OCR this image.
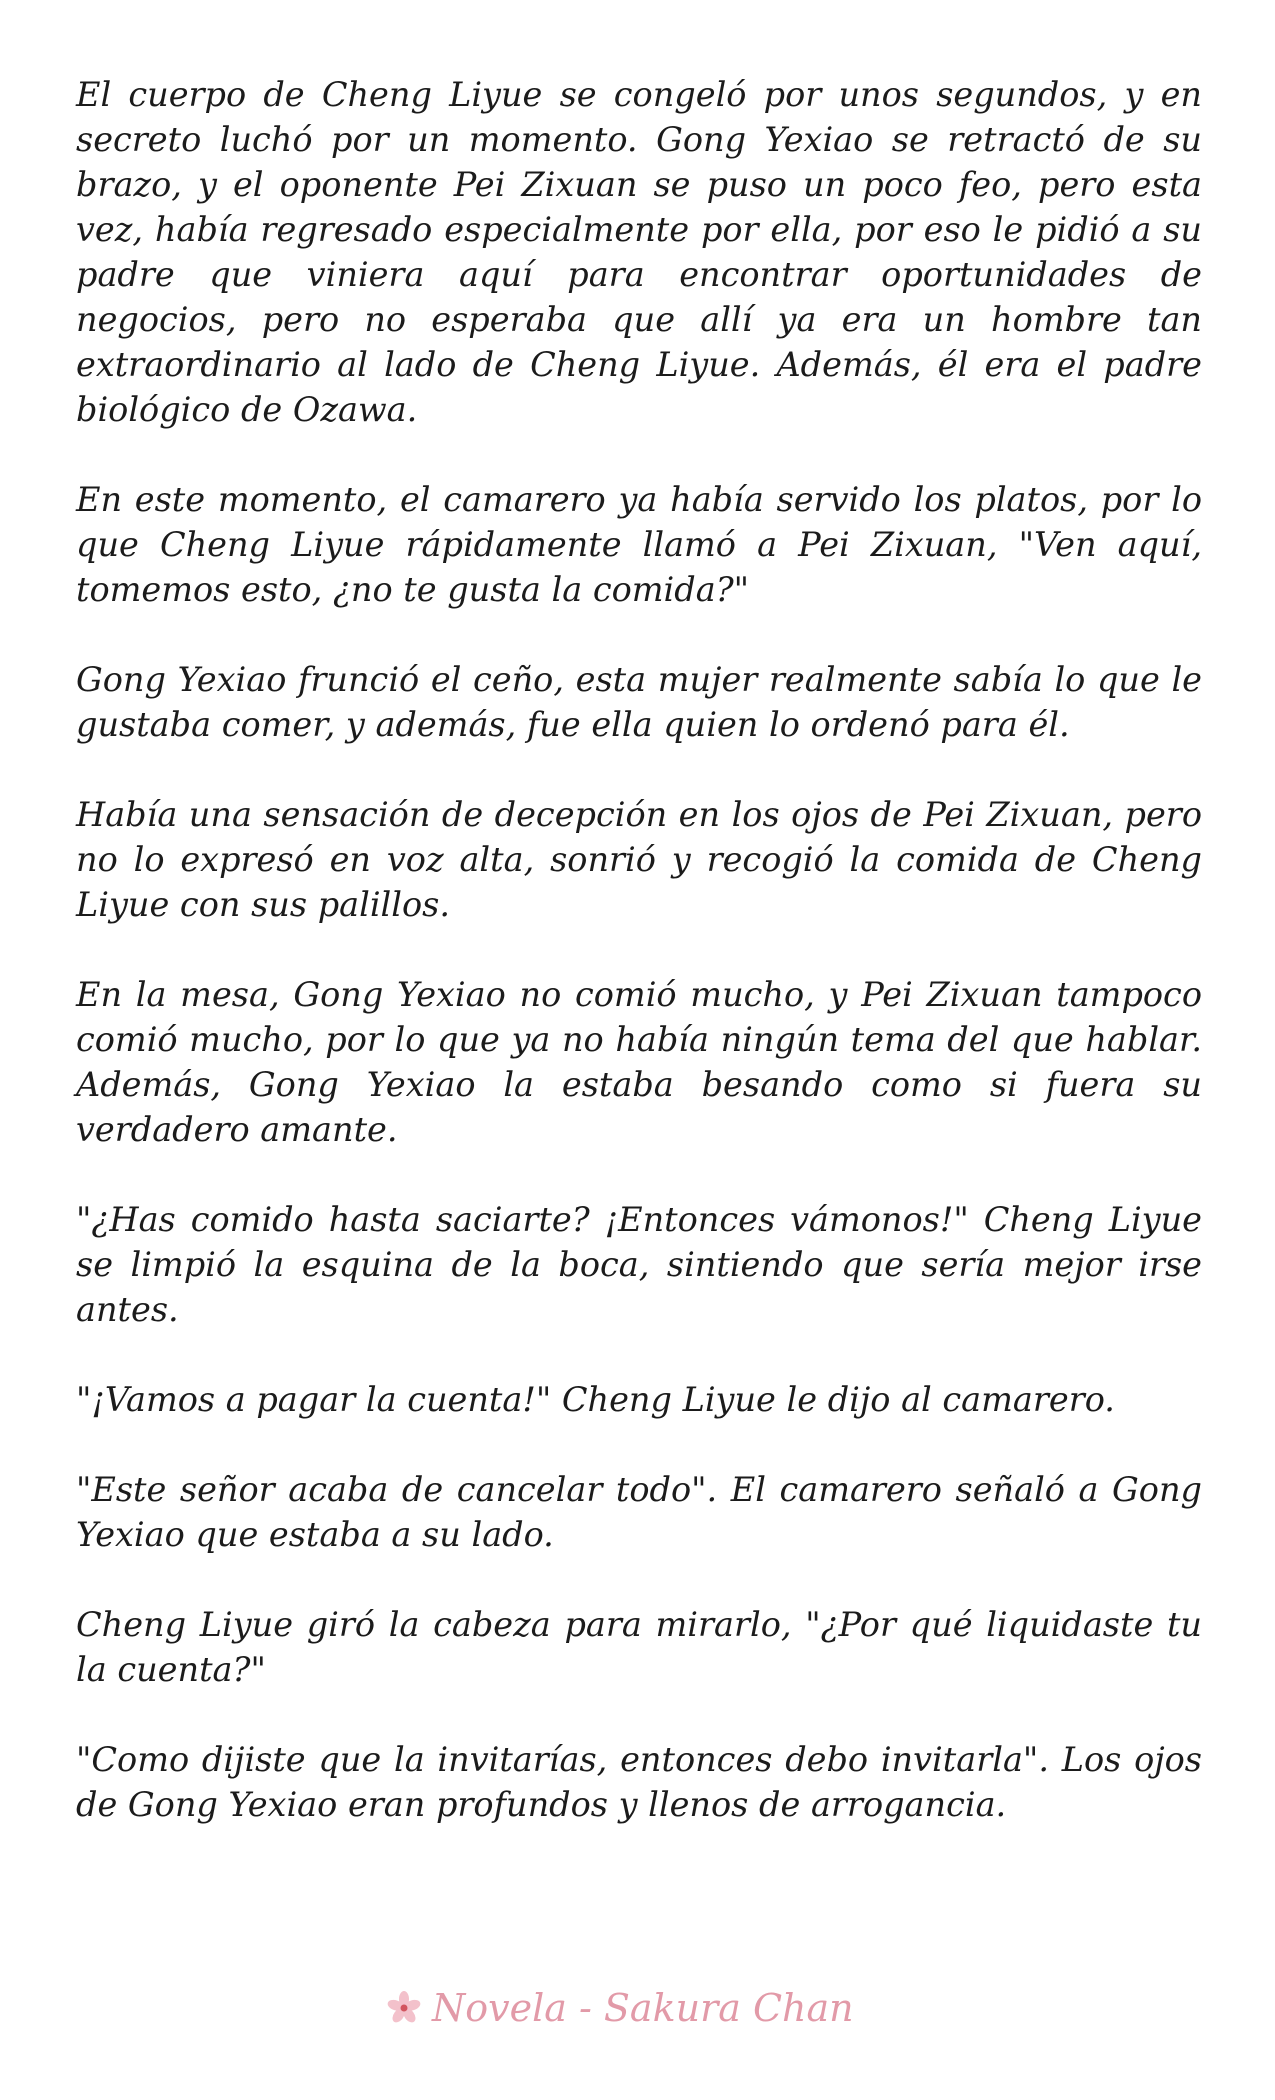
El cuerpo de Cheng Liyue se congeló por unos segundos, y en secreto luchó por un momento. Gong Yexiao se retractó de su brazo, y el oponente Pei Zixuan se puso un poco feo, pero esta vez, había regresado especialmente por ella, por eso le pidió a su padre que viniera aquí para encontrar oportunidades de negocios, pero no esperaba que allí ya era un hombre tan extraordinario al lado de Cheng Liyue. Además, él era el padre biológico de Ozawa.

En este momento, el camarero ya había servido los platos, por lo que Cheng Liyue rápidamente llamó a Pei Zixuan, "Ven aquí, tomemos esto, ¿no te gusta la comida?"

Gong Yexiao frunció el ceño, esta mujer realmente sabía lo que le gustaba comer, y además, fue ella quien lo ordenó para él.

Había una sensación de decepción en los ojos de Pei Zixuan, pero no lo expresó en voz alta, sonrió y recogió la comida de Cheng Liyue con sus palillos.

En la mesa, Gong Yexiao no comió mucho, y Pei Zixuan tampoco comió mucho, por lo que ya no había ningún tema del que hablar. Además, Gong Yexiao la estaba besando como si fuera su verdadero amante.

"¿Has comido hasta saciarte? ¡Entonces vámonos!" Cheng Liyue se limpió la esquina de la boca, sintiendo que sería mejor irse antes.

"¡Vamos a pagar la cuenta!" Cheng Liyue le dijo al camarero.

"Este señor acaba de cancelar todo". El camarero señaló a Gong Yexiao que estaba a su lado.

Cheng Liyue giró la cabeza para mirarlo, "¿Por qué liquidaste tu la cuenta?"

"Como dijiste que la invitarías, entonces debo invitarla". Los ojos de Gong Yexiao eran profundos y llenos de arrogancia.

Novela - Sakura Chan
